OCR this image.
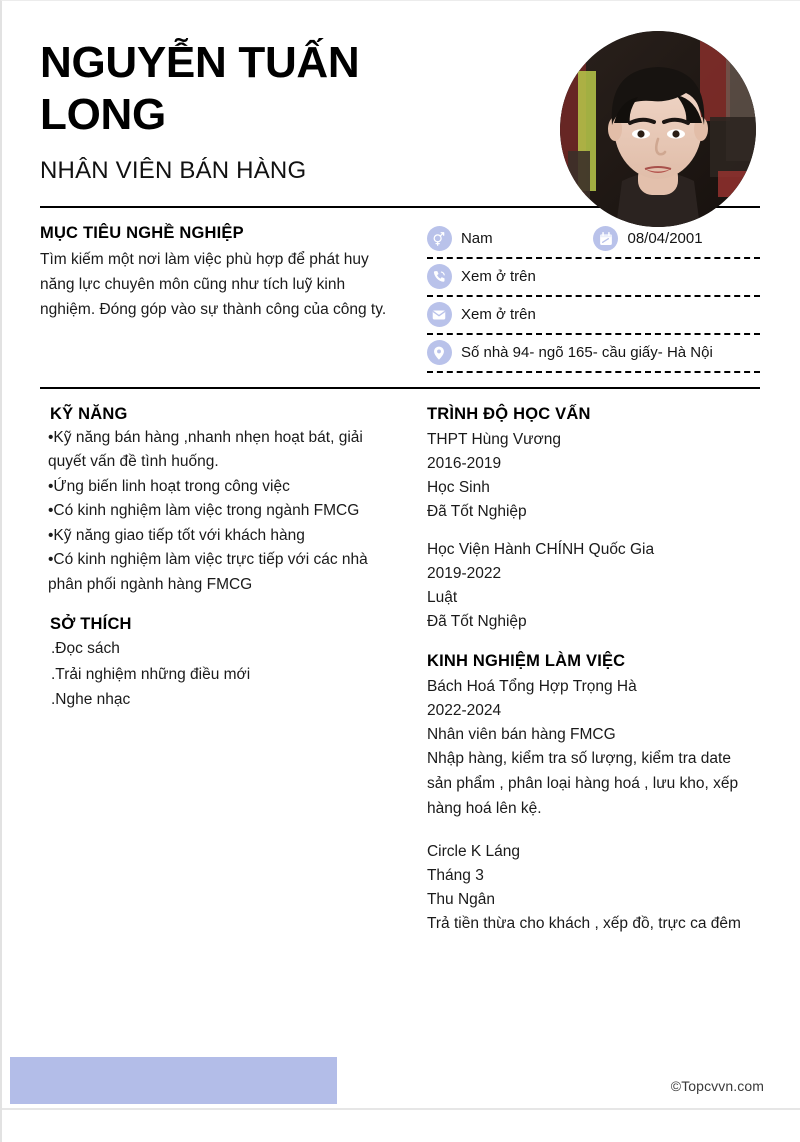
NGUYỄN TUẤN LONG
NHÂN VIÊN BÁN HÀNG
MỤC TIÊU NGHỀ NGHIỆP
Tìm kiếm một nơi làm việc phù hợp để phát huy năng lực chuyên môn cũng như tích luỹ kinh nghiệm. Đóng góp vào sự thành công của công ty.
Nam	08/04/2001
Xem ở trên
Xem ở trên
Số nhà 94- ngõ 165- cầu giấy- Hà Nội
KỸ NĂNG
•Kỹ năng bán hàng ,nhanh nhẹn hoạt bát, giải quyết vấn đề tình huống.
•Ứng biến linh hoạt trong công việc
•Có kinh nghiệm làm việc trong ngành FMCG
•Kỹ năng giao tiếp tốt với khách hàng
•Có kinh nghiệm làm việc trực tiếp với các nhà phân phối ngành hàng FMCG
SỞ THÍCH
.Đọc sách
.Trải nghiệm những điều mới
.Nghe nhạc
TRÌNH ĐỘ HỌC VẤN
THPT Hùng Vương
2016-2019
Học Sinh
Đã Tốt Nghiệp
Học Viện Hành CHÍNH Quốc Gia
2019-2022
Luật
Đã Tốt Nghiệp
KINH NGHIỆM LÀM VIỆC
Bách Hoá Tổng Hợp Trọng Hà
2022-2024
Nhân viên bán hàng FMCG
Nhập hàng, kiểm tra số lượng, kiểm tra date sản phẩm , phân loại hàng hoá , lưu kho, xếp hàng hoá lên kệ.
Circle K Láng
Tháng 3
Thu Ngân
Trả tiền thừa cho khách , xếp đồ, trực ca đêm
©Topcvvn.com
